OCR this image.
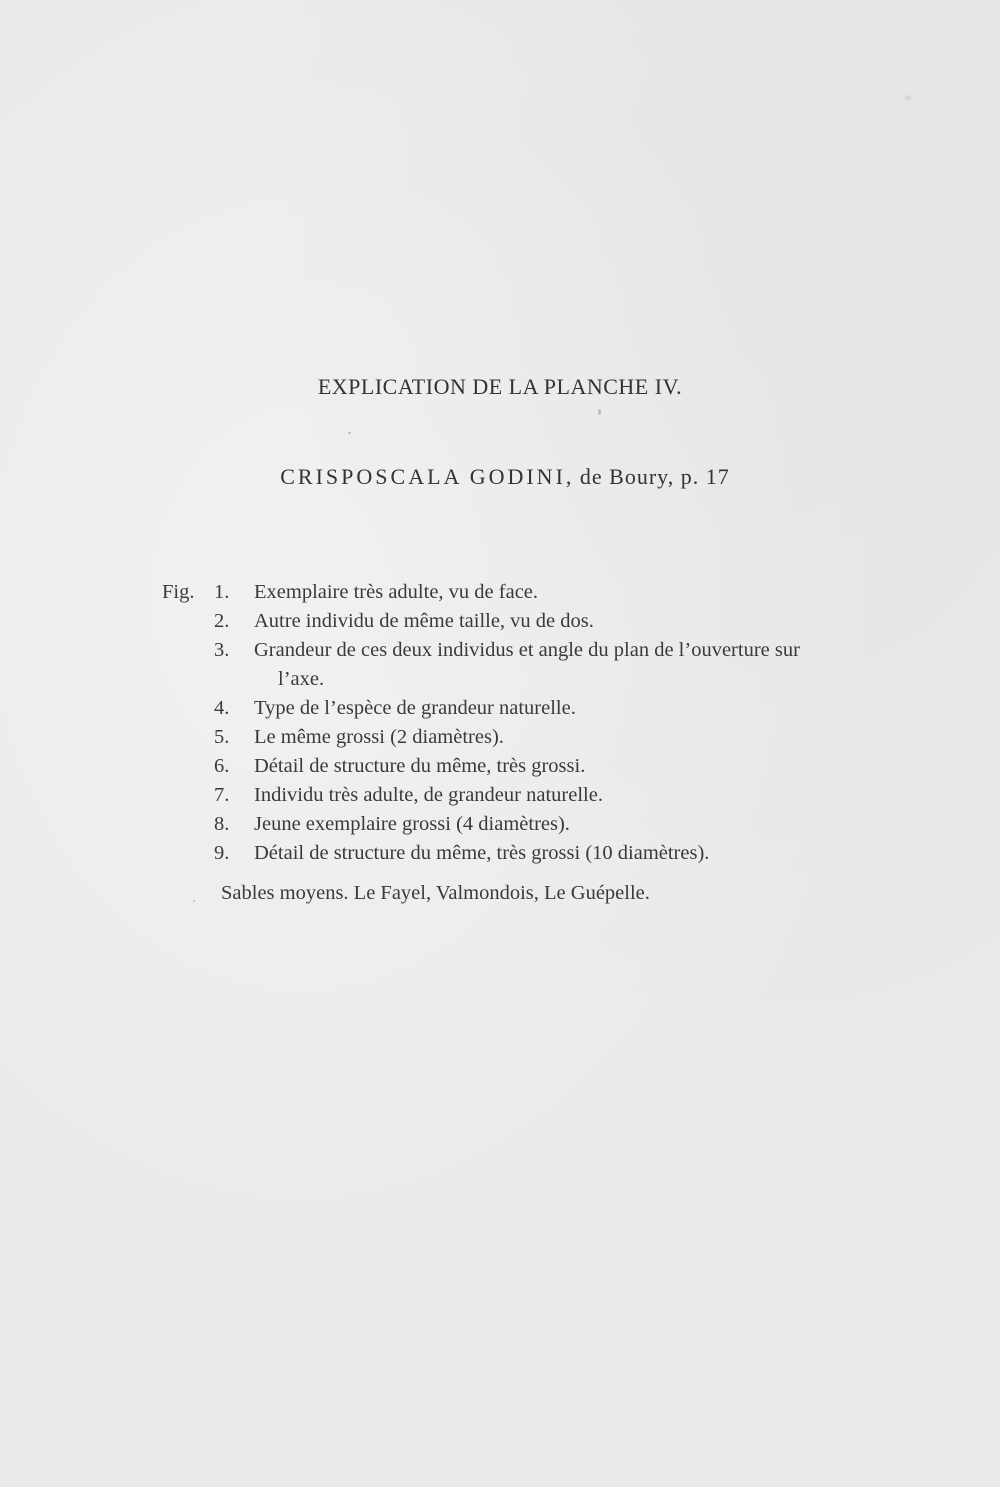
EXPLICATION DE LA PLANCHE IV.
CRISPOSCALA GODINI, de Boury, p. 17
Fig. 1.	Exemplaire très adulte, vu de face.
2.	Autre individu de même taille, vu de dos.
3.	Grandeur de ces deux individus et angle du plan de l’ouverture sur
l’axe.
4.	Type de l’espèce de grandeur naturelle.
5.	Le même grossi (2 diamètres).
6.	Détail de structure du même, très grossi.
7.	Individu très adulte, de grandeur naturelle.
8.	Jeune exemplaire grossi (4 diamètres).
9.	Détail de structure du même, très grossi (10 diamètres).
Sables moyens. Le Fayel, Valmondois, Le Guépelle.
